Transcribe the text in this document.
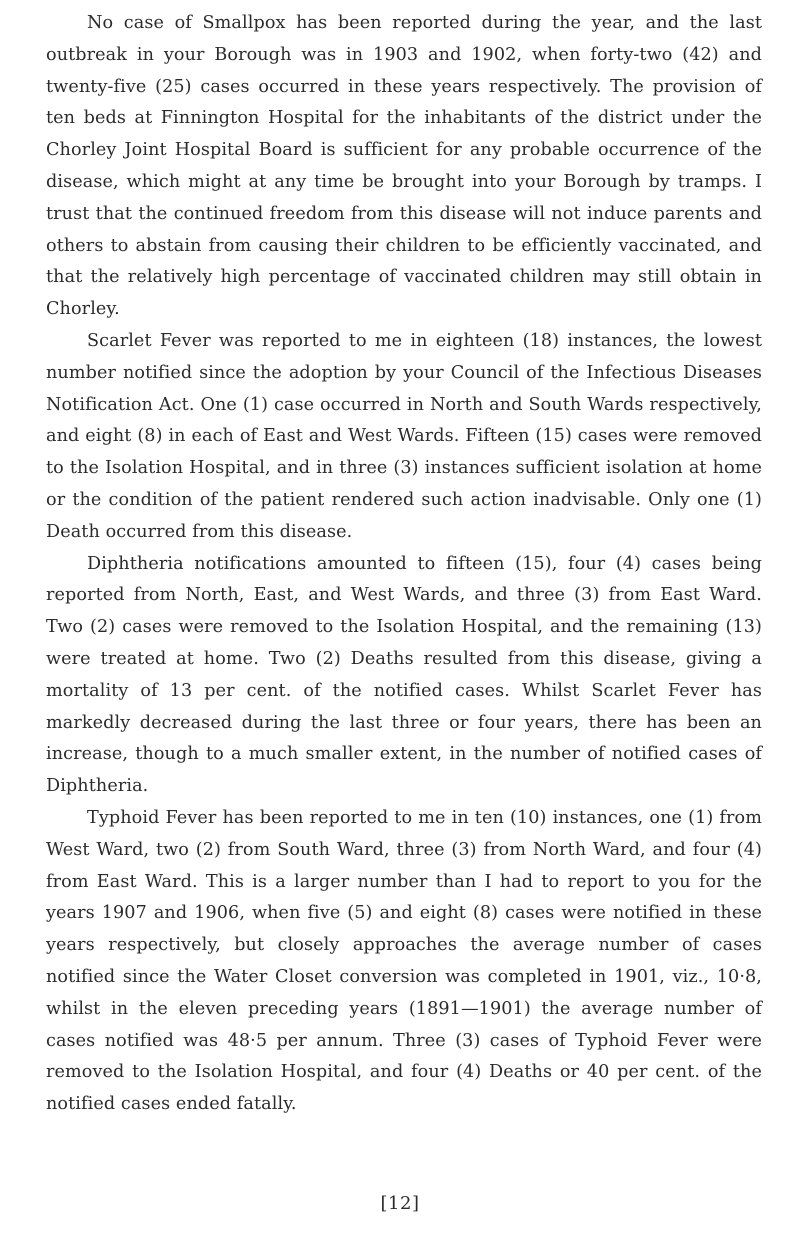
No case of Smallpox has been reported during the year, and the last outbreak in your Borough was in 1903 and 1902, when forty-two (42) and twenty-five (25) cases occurred in these years respectively. The provision of ten beds at Finnington Hospital for the inhabitants of the district under the Chorley Joint Hospital Board is sufficient for any probable occurrence of the disease, which might at any time be brought into your Borough by tramps. I trust that the continued freedom from this disease will not induce parents and others to abstain from causing their children to be efficiently vaccinated, and that the relatively high percentage of vaccinated children may still obtain in Chorley.

Scarlet Fever was reported to me in eighteen (18) instances, the lowest number notified since the adoption by your Council of the Infectious Diseases Notification Act. One (1) case occurred in North and South Wards respectively, and eight (8) in each of East and West Wards. Fifteen (15) cases were removed to the Isolation Hospital, and in three (3) instances sufficient isolation at home or the condition of the patient rendered such action inadvisable. Only one (1) Death occurred from this disease.

Diphtheria notifications amounted to fifteen (15), four (4) cases being reported from North, East, and West Wards, and three (3) from East Ward. Two (2) cases were removed to the Isolation Hospital, and the remaining (13) were treated at home. Two (2) Deaths resulted from this disease, giving a mortality of 13 per cent. of the notified cases. Whilst Scarlet Fever has markedly decreased during the last three or four years, there has been an increase, though to a much smaller extent, in the number of notified cases of Diphtheria.

Typhoid Fever has been reported to me in ten (10) instances, one (1) from West Ward, two (2) from South Ward, three (3) from North Ward, and four (4) from East Ward. This is a larger number than I had to report to you for the years 1907 and 1906, when five (5) and eight (8) cases were notified in these years respectively, but closely approaches the average number of cases notified since the Water Closet conversion was completed in 1901, viz., 10·8, whilst in the eleven preceding years (1891—1901) the average number of cases notified was 48·5 per annum. Three (3) cases of Typhoid Fever were removed to the Isolation Hospital, and four (4) Deaths or 40 per cent. of the notified cases ended fatally.

[12]
